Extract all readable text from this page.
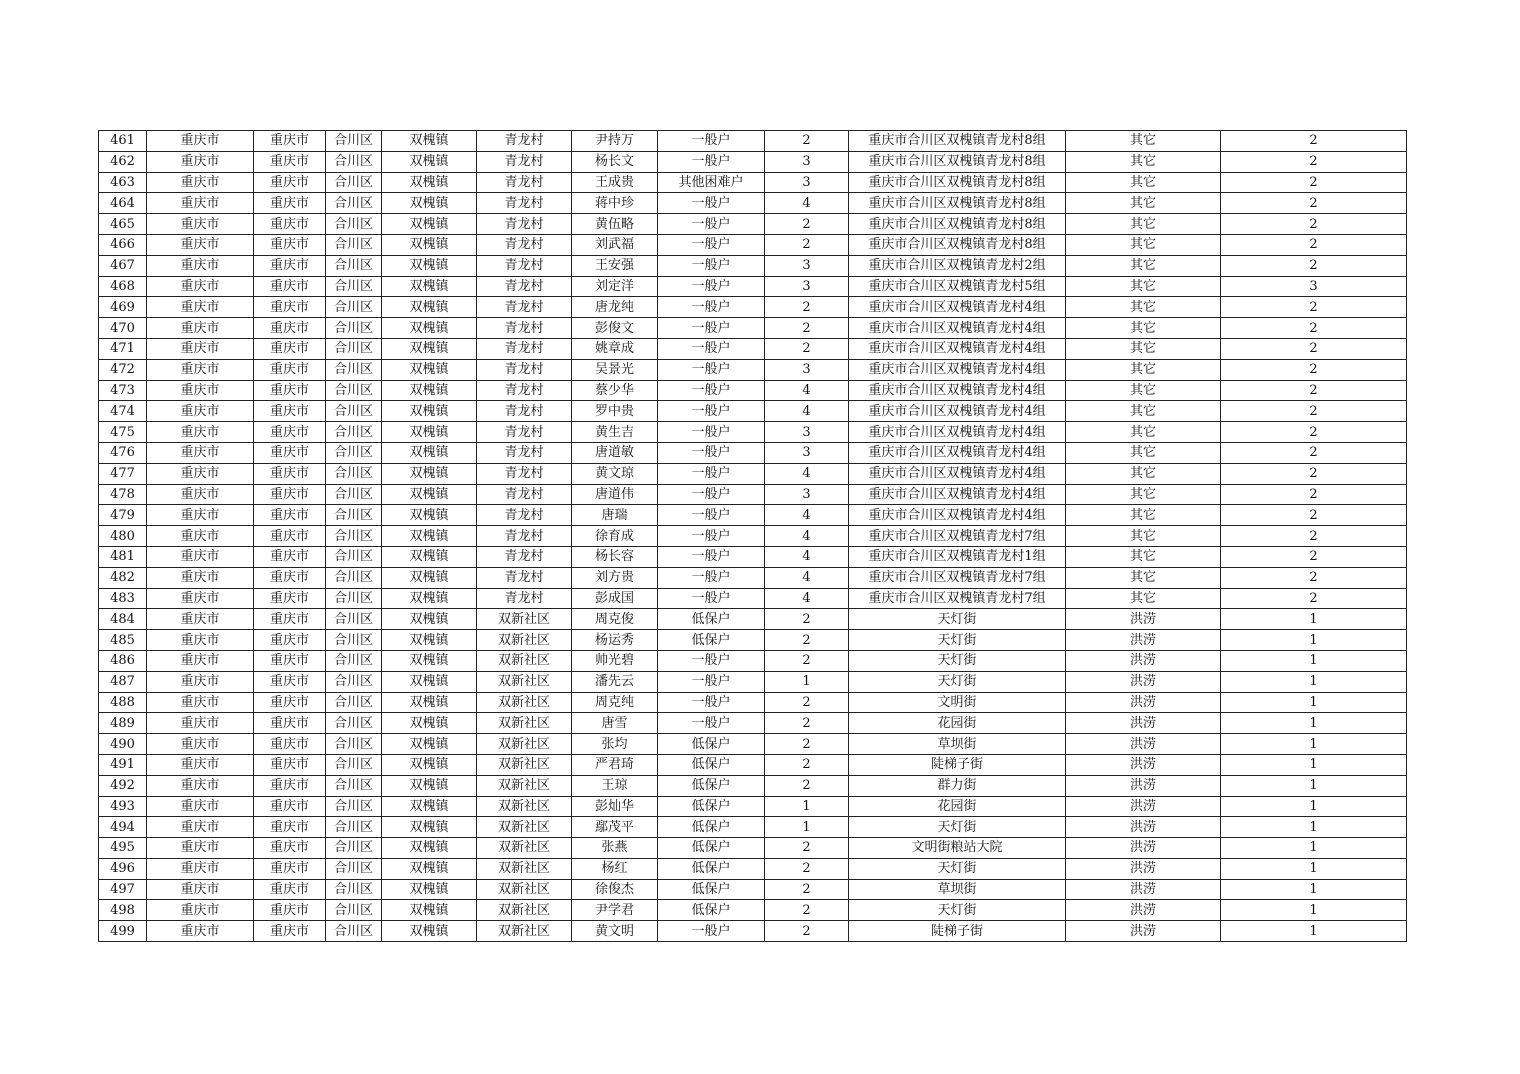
461	重庆市	重庆市	合川区	双槐镇	青龙村	尹持万	一般户	2	重庆市合川区双槐镇青龙村8组	其它	2
462	重庆市	重庆市	合川区	双槐镇	青龙村	杨长文	一般户	3	重庆市合川区双槐镇青龙村8组	其它	2
463	重庆市	重庆市	合川区	双槐镇	青龙村	王成贵	其他困难户	3	重庆市合川区双槐镇青龙村8组	其它	2
464	重庆市	重庆市	合川区	双槐镇	青龙村	蒋中珍	一般户	4	重庆市合川区双槐镇青龙村8组	其它	2
465	重庆市	重庆市	合川区	双槐镇	青龙村	黄伍略	一般户	2	重庆市合川区双槐镇青龙村8组	其它	2
466	重庆市	重庆市	合川区	双槐镇	青龙村	刘武福	一般户	2	重庆市合川区双槐镇青龙村8组	其它	2
467	重庆市	重庆市	合川区	双槐镇	青龙村	王安强	一般户	3	重庆市合川区双槐镇青龙村2组	其它	2
468	重庆市	重庆市	合川区	双槐镇	青龙村	刘定洋	一般户	3	重庆市合川区双槐镇青龙村5组	其它	3
469	重庆市	重庆市	合川区	双槐镇	青龙村	唐龙纯	一般户	2	重庆市合川区双槐镇青龙村4组	其它	2
470	重庆市	重庆市	合川区	双槐镇	青龙村	彭俊文	一般户	2	重庆市合川区双槐镇青龙村4组	其它	2
471	重庆市	重庆市	合川区	双槐镇	青龙村	姚章成	一般户	2	重庆市合川区双槐镇青龙村4组	其它	2
472	重庆市	重庆市	合川区	双槐镇	青龙村	吴景光	一般户	3	重庆市合川区双槐镇青龙村4组	其它	2
473	重庆市	重庆市	合川区	双槐镇	青龙村	蔡少华	一般户	4	重庆市合川区双槐镇青龙村4组	其它	2
474	重庆市	重庆市	合川区	双槐镇	青龙村	罗中贵	一般户	4	重庆市合川区双槐镇青龙村4组	其它	2
475	重庆市	重庆市	合川区	双槐镇	青龙村	黄生吉	一般户	3	重庆市合川区双槐镇青龙村4组	其它	2
476	重庆市	重庆市	合川区	双槐镇	青龙村	唐道敏	一般户	3	重庆市合川区双槐镇青龙村4组	其它	2
477	重庆市	重庆市	合川区	双槐镇	青龙村	黄文琼	一般户	4	重庆市合川区双槐镇青龙村4组	其它	2
478	重庆市	重庆市	合川区	双槐镇	青龙村	唐道伟	一般户	3	重庆市合川区双槐镇青龙村4组	其它	2
479	重庆市	重庆市	合川区	双槐镇	青龙村	唐瑞	一般户	4	重庆市合川区双槐镇青龙村4组	其它	2
480	重庆市	重庆市	合川区	双槐镇	青龙村	徐育成	一般户	4	重庆市合川区双槐镇青龙村7组	其它	2
481	重庆市	重庆市	合川区	双槐镇	青龙村	杨长容	一般户	4	重庆市合川区双槐镇青龙村1组	其它	2
482	重庆市	重庆市	合川区	双槐镇	青龙村	刘方贵	一般户	4	重庆市合川区双槐镇青龙村7组	其它	2
483	重庆市	重庆市	合川区	双槐镇	青龙村	彭成国	一般户	4	重庆市合川区双槐镇青龙村7组	其它	2
484	重庆市	重庆市	合川区	双槐镇	双新社区	周克俊	低保户	2	天灯街	洪涝	1
485	重庆市	重庆市	合川区	双槐镇	双新社区	杨运秀	低保户	2	天灯街	洪涝	1
486	重庆市	重庆市	合川区	双槐镇	双新社区	帅光碧	一般户	2	天灯街	洪涝	1
487	重庆市	重庆市	合川区	双槐镇	双新社区	潘先云	一般户	1	天灯街	洪涝	1
488	重庆市	重庆市	合川区	双槐镇	双新社区	周克纯	一般户	2	文明街	洪涝	1
489	重庆市	重庆市	合川区	双槐镇	双新社区	唐雪	一般户	2	花园街	洪涝	1
490	重庆市	重庆市	合川区	双槐镇	双新社区	张均	低保户	2	草坝街	洪涝	1
491	重庆市	重庆市	合川区	双槐镇	双新社区	严君琦	低保户	2	陡梯子街	洪涝	1
492	重庆市	重庆市	合川区	双槐镇	双新社区	王琼	低保户	2	群力街	洪涝	1
493	重庆市	重庆市	合川区	双槐镇	双新社区	彭灿华	低保户	1	花园街	洪涝	1
494	重庆市	重庆市	合川区	双槐镇	双新社区	鄢茂平	低保户	1	天灯街	洪涝	1
495	重庆市	重庆市	合川区	双槐镇	双新社区	张燕	低保户	2	文明街粮站大院	洪涝	1
496	重庆市	重庆市	合川区	双槐镇	双新社区	杨红	低保户	2	天灯街	洪涝	1
497	重庆市	重庆市	合川区	双槐镇	双新社区	徐俊杰	低保户	2	草坝街	洪涝	1
498	重庆市	重庆市	合川区	双槐镇	双新社区	尹学君	低保户	2	天灯街	洪涝	1
499	重庆市	重庆市	合川区	双槐镇	双新社区	黄文明	一般户	2	陡梯子街	洪涝	1
